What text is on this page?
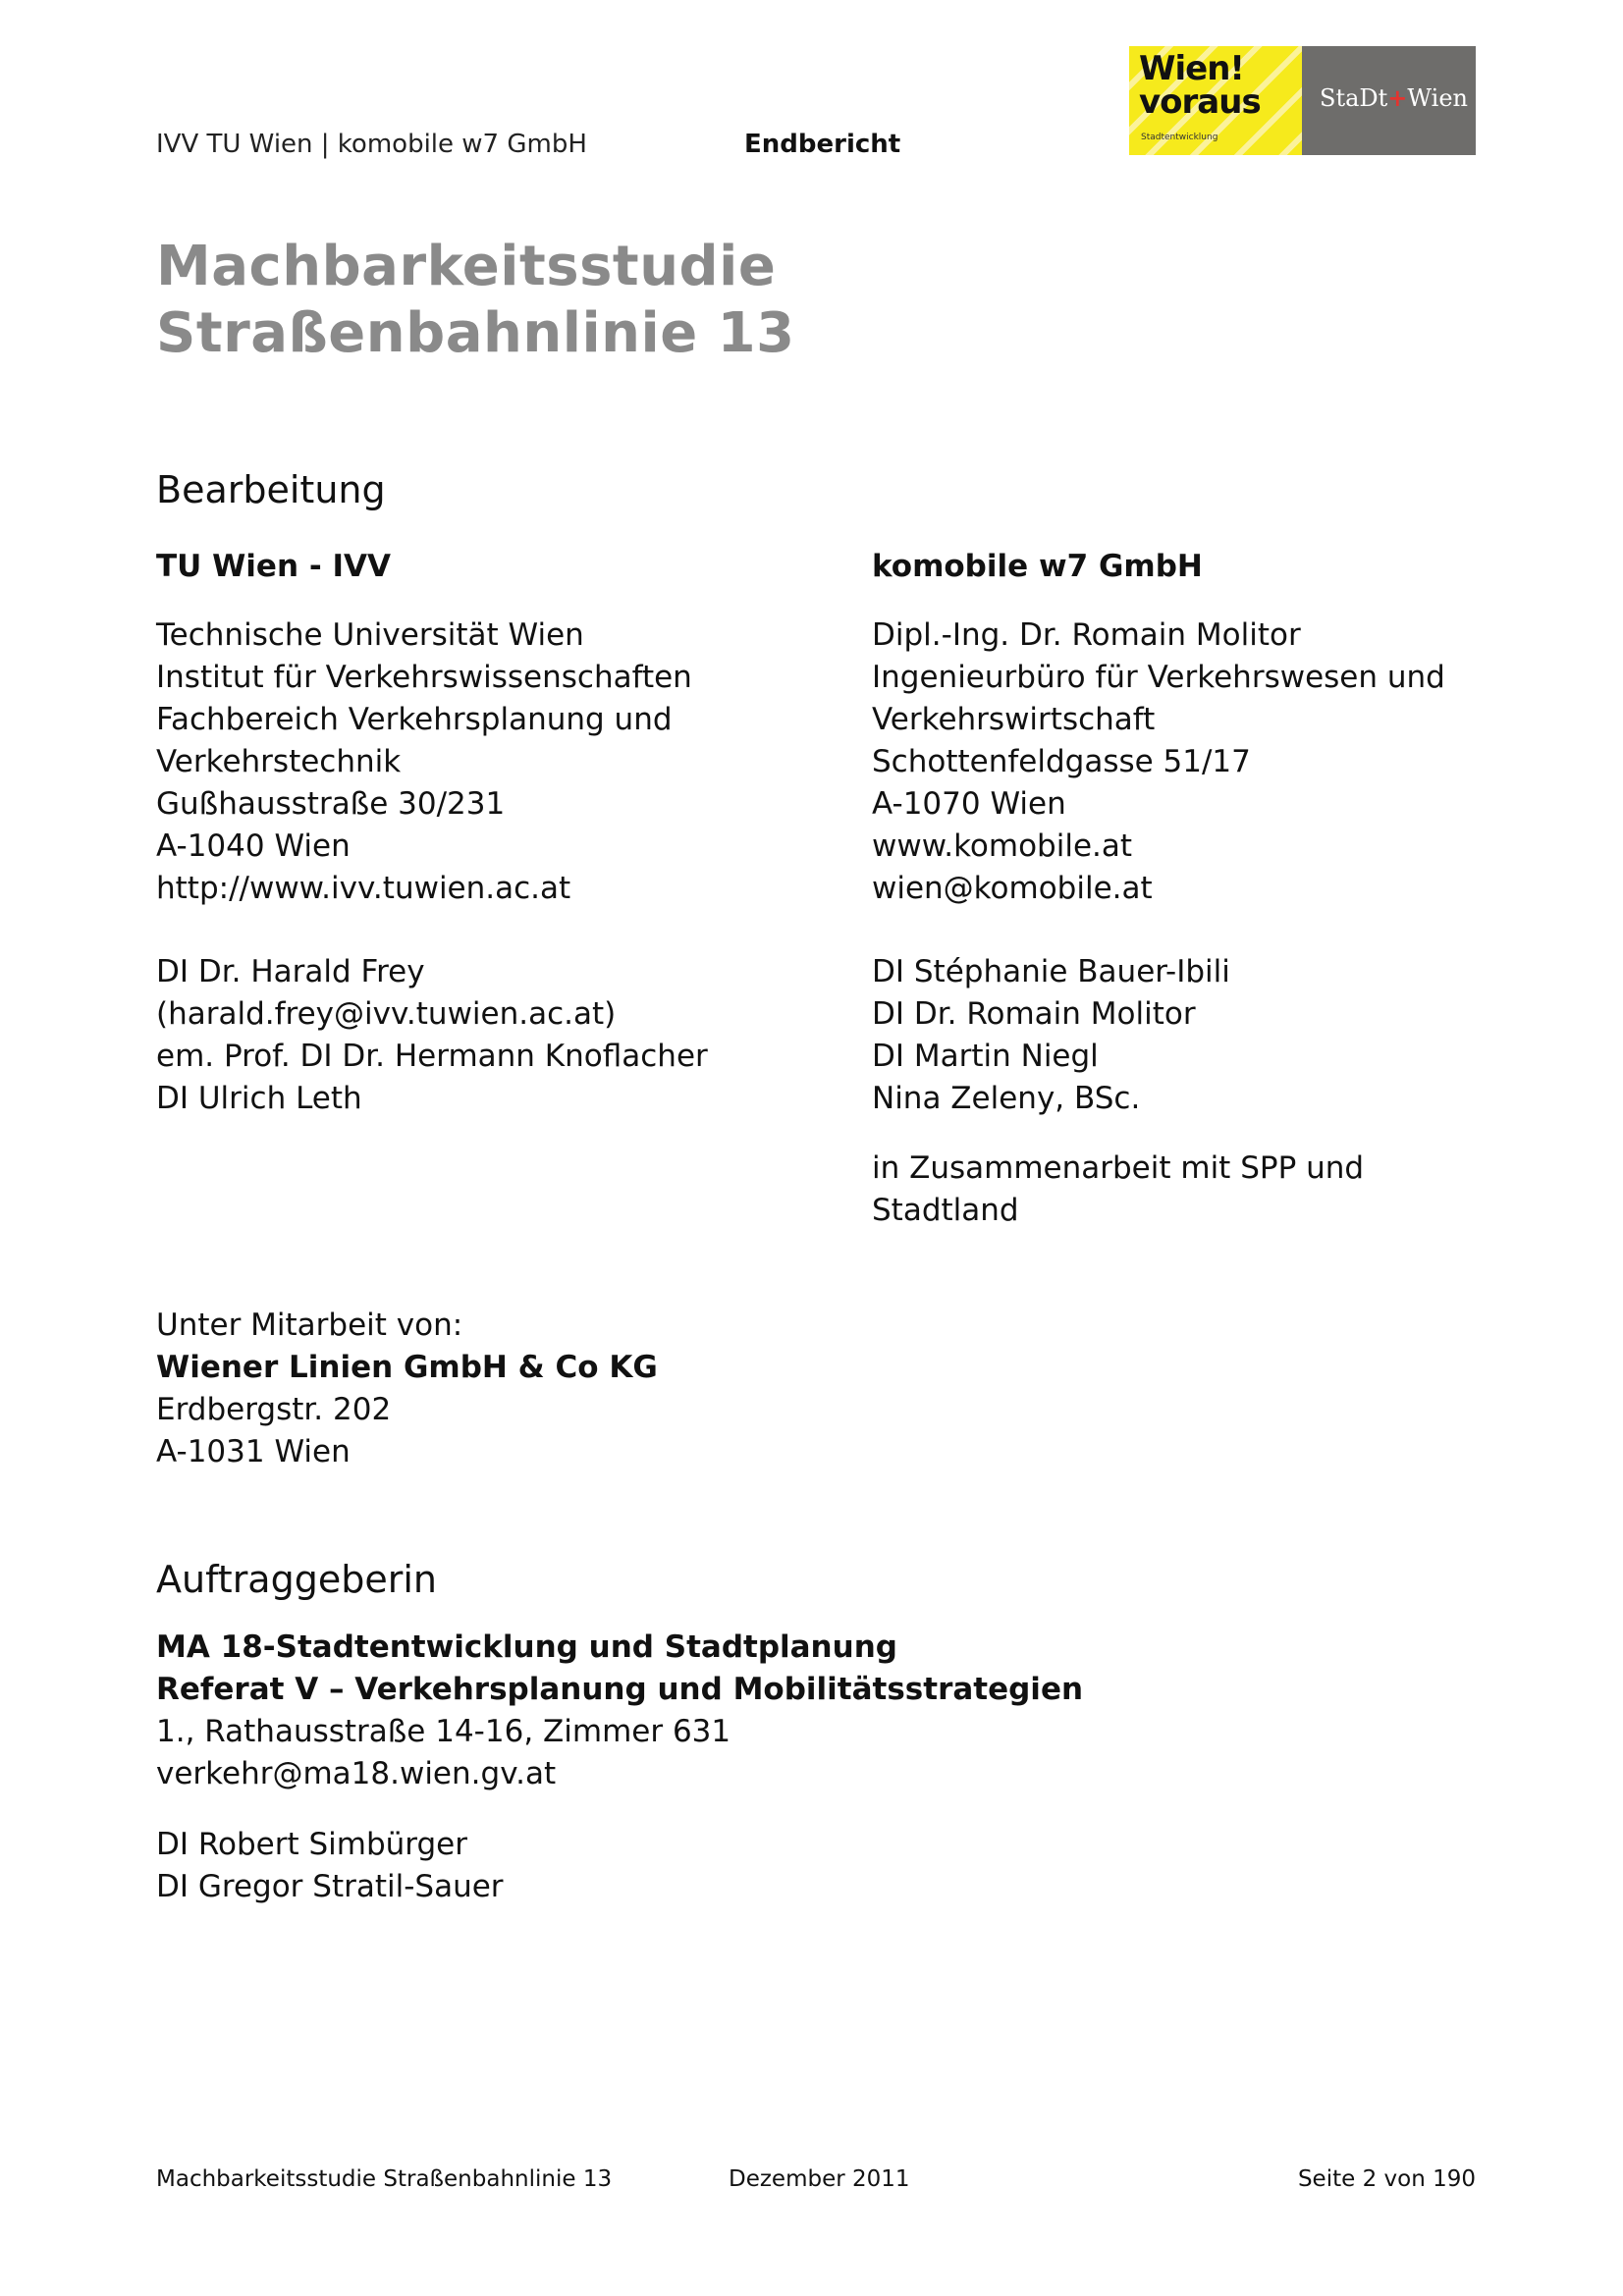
IVV TU Wien | komobile w7 GmbH	Endbericht
Wien!
voraus
Stadtentwicklung
StaDt+Wien
Machbarkeitsstudie
Straßenbahnlinie 13
Bearbeitung
TU Wien - IVV
Technische Universität Wien
Institut für Verkehrswissenschaften
Fachbereich Verkehrsplanung und
Verkehrstechnik
Gußhausstraße 30/231
A-1040 Wien
http://www.ivv.tuwien.ac.at
DI Dr. Harald Frey
(harald.frey@ivv.tuwien.ac.at)
em. Prof. DI Dr. Hermann Knoflacher
DI Ulrich Leth
komobile w7 GmbH
Dipl.-Ing. Dr. Romain Molitor
Ingenieurbüro für Verkehrswesen und
Verkehrswirtschaft
Schottenfeldgasse 51/17
A-1070 Wien
www.komobile.at
wien@komobile.at
DI Stéphanie Bauer-Ibili
DI Dr. Romain Molitor
DI Martin Niegl
Nina Zeleny, BSc.
in Zusammenarbeit mit SPP und
Stadtland
Unter Mitarbeit von:
Wiener Linien GmbH & Co KG
Erdbergstr. 202
A-1031 Wien
Auftraggeberin
MA 18-Stadtentwicklung und Stadtplanung
Referat V – Verkehrsplanung und Mobilitätsstrategien
1., Rathausstraße 14-16, Zimmer 631
verkehr@ma18.wien.gv.at
DI Robert Simbürger
DI Gregor Stratil-Sauer
Machbarkeitsstudie Straßenbahnlinie 13	Dezember 2011	Seite 2 von 190
